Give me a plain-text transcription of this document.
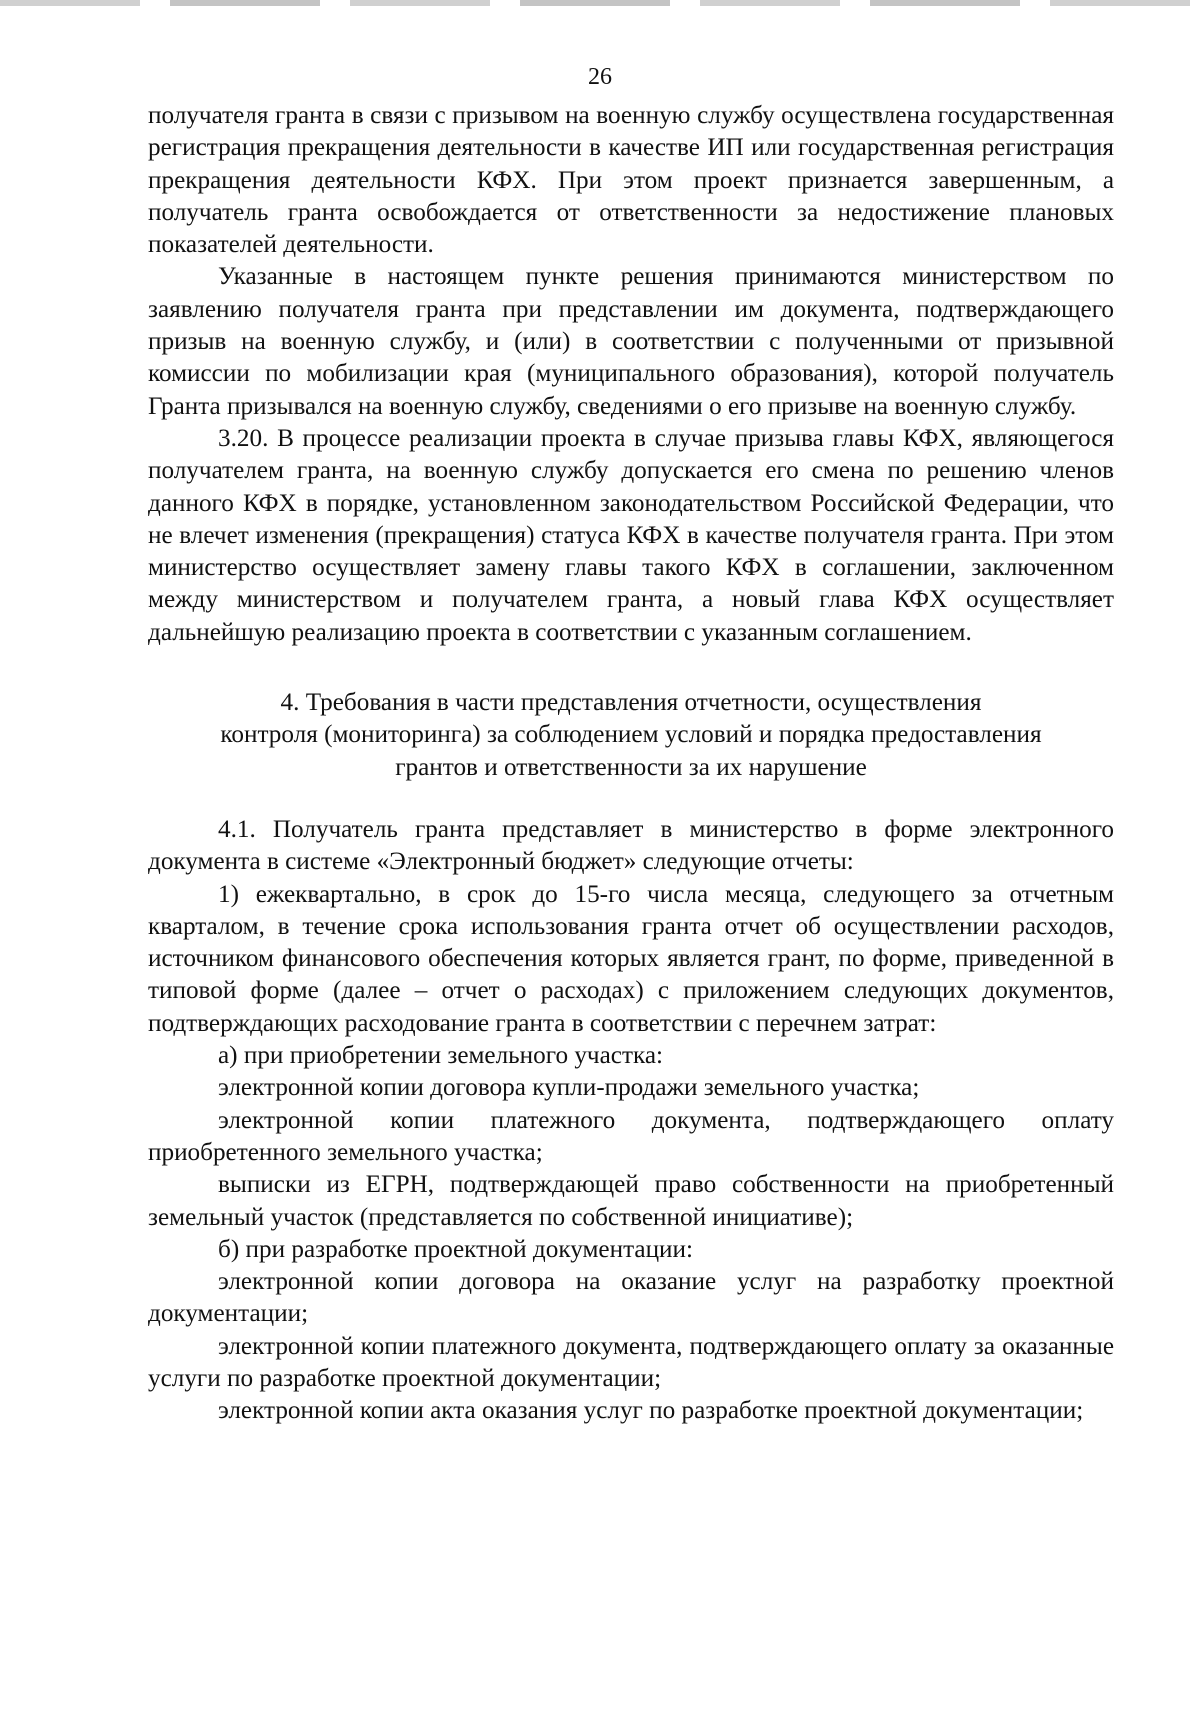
26

получателя гранта в связи с призывом на военную службу осуществлена государственная регистрация прекращения деятельности в качестве ИП или государственная регистрация прекращения деятельности КФХ. При этом проект признается завершенным, а получатель гранта освобождается от ответственности за недостижение плановых показателей деятельности.

Указанные в настоящем пункте решения принимаются министерством по заявлению получателя гранта при представлении им документа, подтверждающего призыв на военную службу, и (или) в соответствии с полученными от призывной комиссии по мобилизации края (муниципального образования), которой получатель Гранта призывался на военную службу, сведениями о его призыве на военную службу.

3.20. В процессе реализации проекта в случае призыва главы КФХ, являющегося получателем гранта, на военную службу допускается его смена по решению членов данного КФХ в порядке, установленном законодательством Российской Федерации, что не влечет изменения (прекращения) статуса КФХ в качестве получателя гранта. При этом министерство осуществляет замену главы такого КФХ в соглашении, заключенном между министерством и получателем гранта, а новый глава КФХ осуществляет дальнейшую реализацию проекта в соответствии с указанным соглашением.

4. Требования в части представления отчетности, осуществления
контроля (мониторинга) за соблюдением условий и порядка предоставления
грантов и ответственности за их нарушение

4.1. Получатель гранта представляет в министерство в форме электронного документа в системе «Электронный бюджет» следующие отчеты:

1) ежеквартально, в срок до 15-го числа месяца, следующего за отчетным кварталом, в течение срока использования гранта отчет об осуществлении расходов, источником финансового обеспечения которых является грант, по форме, приведенной в типовой форме (далее – отчет о расходах) с приложением следующих документов, подтверждающих расходование гранта в соответствии с перечнем затрат:

а) при приобретении земельного участка:

электронной копии договора купли-продажи земельного участка;

электронной копии платежного документа, подтверждающего оплату приобретенного земельного участка;

выписки из ЕГРН, подтверждающей право собственности на приобретенный земельный участок (представляется по собственной инициативе);

б) при разработке проектной документации:

электронной копии договора на оказание услуг на разработку проектной документации;

электронной копии платежного документа, подтверждающего оплату за оказанные услуги по разработке проектной документации;

электронной копии акта оказания услуг по разработке проектной документации;
